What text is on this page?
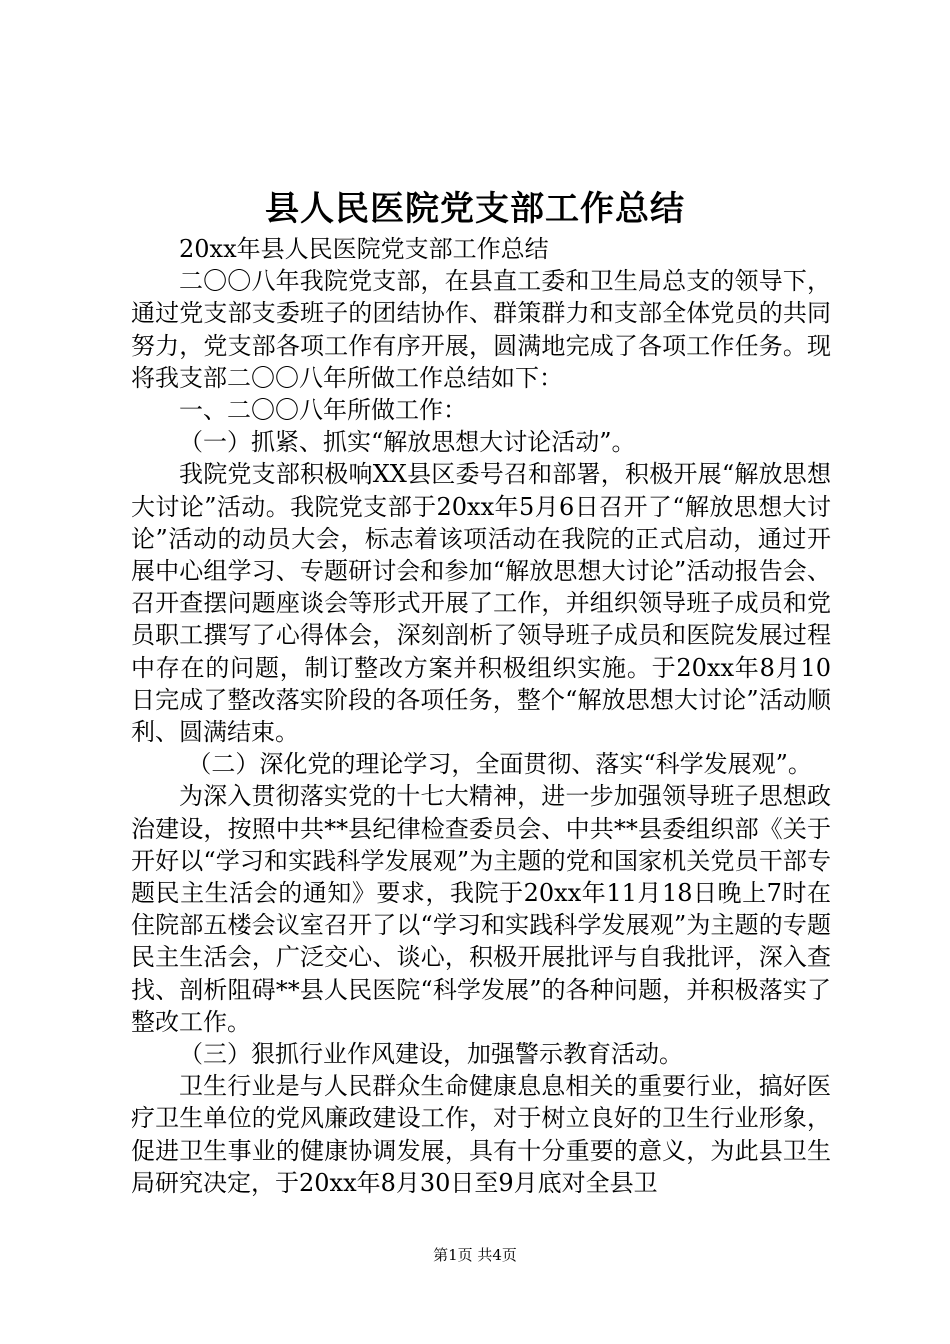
县人民医院党支部工作总结

20xx年县人民医院党支部工作总结

二〇〇八年我院党支部，在县直工委和卫生局总支的领导下，通过党支部支委班子的团结协作、群策群力和支部全体党员的共同努力，党支部各项工作有序开展，圆满地完成了各项工作任务。现将我支部二〇〇八年所做工作总结如下：

一、二〇〇八年所做工作：

（一）抓紧、抓实“解放思想大讨论活动”。

我院党支部积极响XX县区委号召和部署，积极开展“解放思想大讨论”活动。我院党支部于20xx年5月6日召开了“解放思想大讨论”活动的动员大会，标志着该项活动在我院的正式启动，通过开展中心组学习、专题研讨会和参加“解放思想大讨论”活动报告会、召开查摆问题座谈会等形式开展了工作，并组织领导班子成员和党员职工撰写了心得体会，深刻剖析了领导班子成员和医院发展过程中存在的问题，制订整改方案并积极组织实施。于20xx年8月10日完成了整改落实阶段的各项任务，整个“解放思想大讨论”活动顺利、圆满结束。

（二）深化党的理论学习，全面贯彻、落实“科学发展观”。

为深入贯彻落实党的十七大精神，进一步加强领导班子思想政治建设，按照中共**县纪律检查委员会、中共**县委组织部《关于开好以“学习和实践科学发展观”为主题的党和国家机关党员干部专题民主生活会的通知》要求，我院于20xx年11月18日晚上7时在住院部五楼会议室召开了以“学习和实践科学发展观”为主题的专题民主生活会，广泛交心、谈心，积极开展批评与自我批评，深入查找、剖析阻碍**县人民医院“科学发展”的各种问题，并积极落实了整改工作。

（三）狠抓行业作风建设，加强警示教育活动。

卫生行业是与人民群众生命健康息息相关的重要行业，搞好医疗卫生单位的党风廉政建设工作，对于树立良好的卫生行业形象，促进卫生事业的健康协调发展，具有十分重要的意义，为此县卫生局研究决定，于20xx年8月30日至9月底对全县卫

第1页 共4页
